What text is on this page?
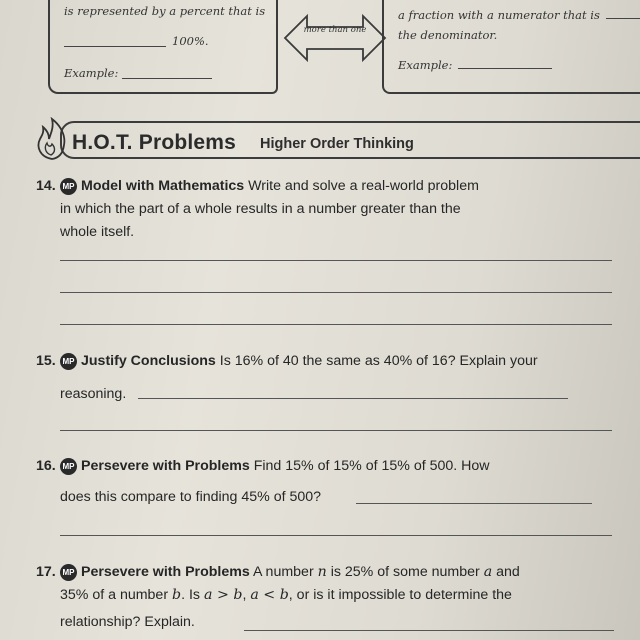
is represented by a percent that is
100%.
Example:
more than one
a fraction with a numerator that is
the denominator.
Example:
H.O.T. Problems Higher Order Thinking
14. MP Model with Mathematics Write and solve a real-world problem
in which the part of a whole results in a number greater than the
whole itself.
15. MP Justify Conclusions Is 16% of 40 the same as 40% of 16? Explain your
reasoning.
16. MP Persevere with Problems Find 15% of 15% of 15% of 500. How
does this compare to finding 45% of 500?
17. MP Persevere with Problems A number n is 25% of some number a and
35% of a number b. Is a > b, a < b, or is it impossible to determine the
relationship? Explain.
